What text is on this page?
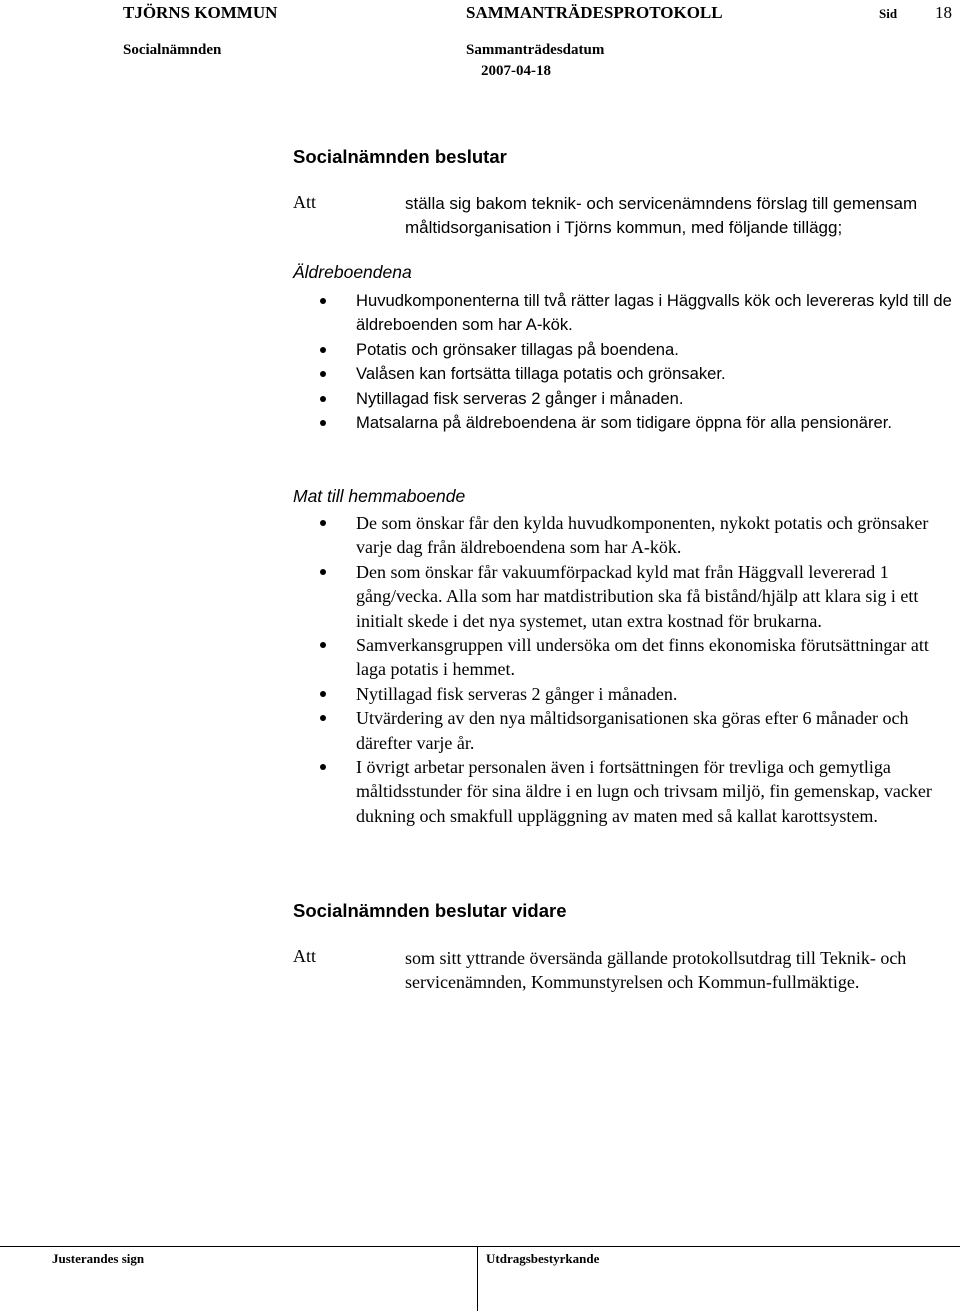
TJÖRNS KOMMUN	SAMMANTRÄDESPROTOKOLL	Sid 18
Socialnämnden	Sammanträdesdatum
2007-04-18
Socialnämnden beslutar
Att	ställa sig bakom teknik- och servicenämndens förslag till gemensam måltidsorganisation i Tjörns kommun, med följande tillägg;
Äldreboendena
Huvudkomponenterna till två rätter lagas i Häggvalls kök och levereras kyld till de äldreboenden som har A-kök.
Potatis och grönsaker tillagas på boendena.
Valåsen kan fortsätta tillaga potatis och grönsaker.
Nytillagad fisk serveras 2 gånger i månaden.
Matsalarna på äldreboendena är som tidigare öppna för alla pensionärer.
Mat till hemmaboende
De som önskar får den kylda huvudkomponenten, nykokt potatis och grönsaker varje dag från äldreboendena som har A-kök.
Den som önskar får vakuumförpackad kyld mat från Häggvall levererad 1 gång/vecka. Alla som har matdistribution ska få bistånd/hjälp att klara sig i ett initialt skede i det nya systemet, utan extra kostnad för brukarna.
Samverkansgruppen vill undersöka om det finns ekonomiska förutsättningar att laga potatis i hemmet.
Nytillagad fisk serveras 2 gånger i månaden.
Utvärdering av den nya måltidsorganisationen ska göras efter 6 månader och därefter varje år.
I övrigt arbetar personalen även i fortsättningen för trevliga och gemytliga måltidsstunder för sina äldre i en lugn och trivsam miljö, fin gemenskap, vacker dukning och smakfull uppläggning av maten med så kallat karottsystem.
Socialnämnden beslutar vidare
Att	som sitt yttrande översända gällande protokollsutdrag till Teknik- och servicenämnden, Kommunstyrelsen och Kommun-fullmäktige.
Justerandes sign	Utdragsbestyrkande
